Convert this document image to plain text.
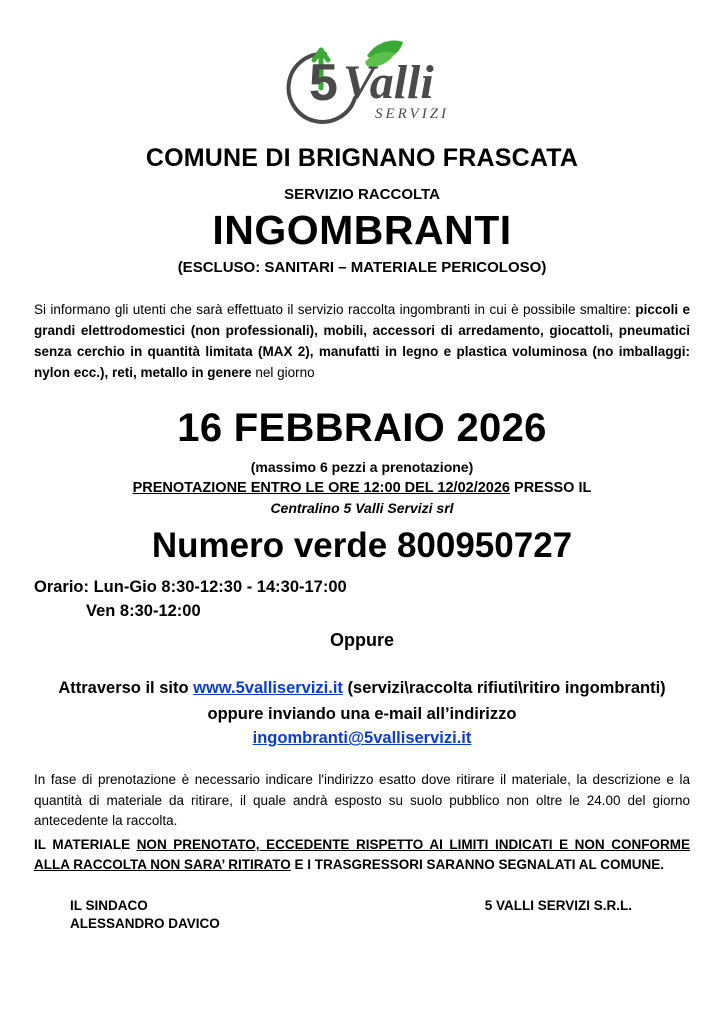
5 Valli
SERVIZI
COMUNE DI BRIGNANO FRASCATA
SERVIZIO RACCOLTA
INGOMBRANTI
(ESCLUSO: SANITARI – MATERIALE PERICOLOSO)
Si informano gli utenti che sarà effettuato il servizio raccolta ingombranti in cui è possibile smaltire: piccoli e grandi elettrodomestici (non professionali), mobili, accessori di arredamento, giocattoli, pneumatici senza cerchio in quantità limitata (MAX 2), manufatti in legno e plastica voluminosa (no imballaggi: nylon ecc.), reti, metallo in genere nel giorno
16 FEBBRAIO 2026
(massimo 6 pezzi a prenotazione)
PRENOTAZIONE ENTRO LE ORE 12:00 DEL 12/02/2026 PRESSO IL
Centralino 5 Valli Servizi srl
Numero verde 800950727
Orario: Lun-Gio 8:30-12:30 - 14:30-17:00
Ven 8:30-12:00
Oppure
Attraverso il sito www.5valliservizi.it (servizi\raccolta rifiuti\ritiro ingombranti) oppure inviando una e-mail all’indirizzo
ingombranti@5valliservizi.it
In fase di prenotazione è necessario indicare l'indirizzo esatto dove ritirare il materiale, la descrizione e la quantità di materiale da ritirare, il quale andrà esposto su suolo pubblico non oltre le 24.00 del giorno antecedente la raccolta.
IL MATERIALE NON PRENOTATO, ECCEDENTE RISPETTO AI LIMITI INDICATI E NON CONFORME ALLA RACCOLTA NON SARA’ RITIRATO E I TRASGRESSORI SARANNO SEGNALATI AL COMUNE.
IL SINDACO
ALESSANDRO DAVICO
5 VALLI SERVIZI S.R.L.
